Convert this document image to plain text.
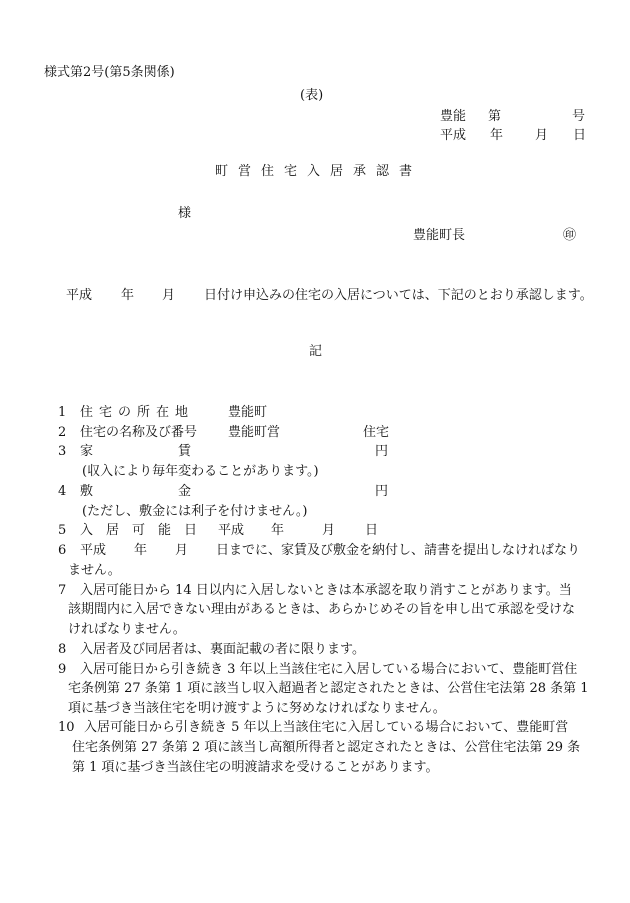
様式第2号(第5条関係)
(表)
豊能 第	号
平成 年 月 日
町営住宅入居承認書
様
豊能町長	㊞
平成 年 月 日付け申込みの住宅の入居については、下記のとおり承認します。
記
1 住宅の所在地	豊能町
2 住宅の名称及び番号 豊能町営	住宅
3 家	賃	円
(収入により毎年変わることがあります。)
4 敷	金	円
(ただし、敷金には利子を付けません。)
5 入居可能日 平成 年	月 日
6 平成 年 月 日までに、家賃及び敷金を納付し、請書を提出しなければなり
ません。
7 入居可能日から 14 日以内に入居しないときは本承認を取り消すことがあります。当
該期間内に入居できない理由があるときは、あらかじめその旨を申し出て承認を受けな
ければなりません。
8 入居者及び同居者は、裏面記載の者に限ります。
9 入居可能日から引き続き 3 年以上当該住宅に入居している場合において、豊能町営住
宅条例第 27 条第 1 項に該当し収入超過者と認定されたときは、公営住宅法第 28 条第 1
項に基づき当該住宅を明け渡すように努めなければなりません。
10 入居可能日から引き続き 5 年以上当該住宅に入居している場合において、豊能町営
住宅条例第 27 条第 2 項に該当し高額所得者と認定されたときは、公営住宅法第 29 条
第 1 項に基づき当該住宅の明渡請求を受けることがあります。
